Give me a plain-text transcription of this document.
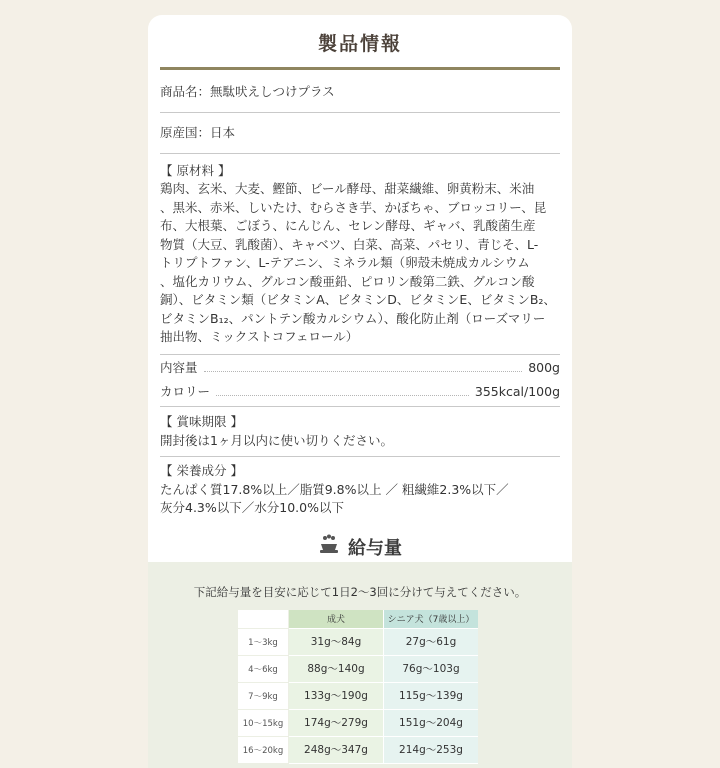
製品情報
商品名：無駄吠えしつけプラス
原産国：日本
【 原材料 】
鶏肉、玄米、大麦、鰹節、ビール酵母、甜菜繊維、卵黄粉末、米油
、黒米、赤米、しいたけ、むらさき芋、かぼちゃ、ブロッコリー、昆
布、大根葉、ごぼう、にんじん、セレン酵母、ギャバ、乳酸菌生産
物質（大豆、乳酸菌）、キャベツ、白菜、高菜、パセリ、青じそ、L-
トリプトファン、L-テアニン、ミネラル類（卵殻未焼成カルシウム
、塩化カリウム、グルコン酸亜鉛、ピロリン酸第二鉄、グルコン酸
銅）、ビタミン類（ビタミンA、ビタミンD、ビタミンE、ビタミンB₂、
ビタミンB₁₂、パントテン酸カルシウム）、酸化防止剤（ローズマリー
抽出物、ミックストコフェロール）
内容量	800g
カロリー	355kcal/100g
【 賞味期限 】
開封後は1ヶ月以内に使い切りください。
【 栄養成分 】
たんぱく質17.8%以上／脂質9.8%以上 ／ 粗繊維2.3%以下／
灰分4.3%以下／水分10.0%以下
給与量
下記給与量を目安に応じて1日2～3回に分けて与えてください。
	成犬	シニア犬（7歳以上）
1～3kg	31g～84g	27g～61g
4～6kg	88g～140g	76g～103g
7～9kg	133g～190g	115g～139g
10～15kg	174g～279g	151g～204g
16～20kg	248g～347g	214g～253g
